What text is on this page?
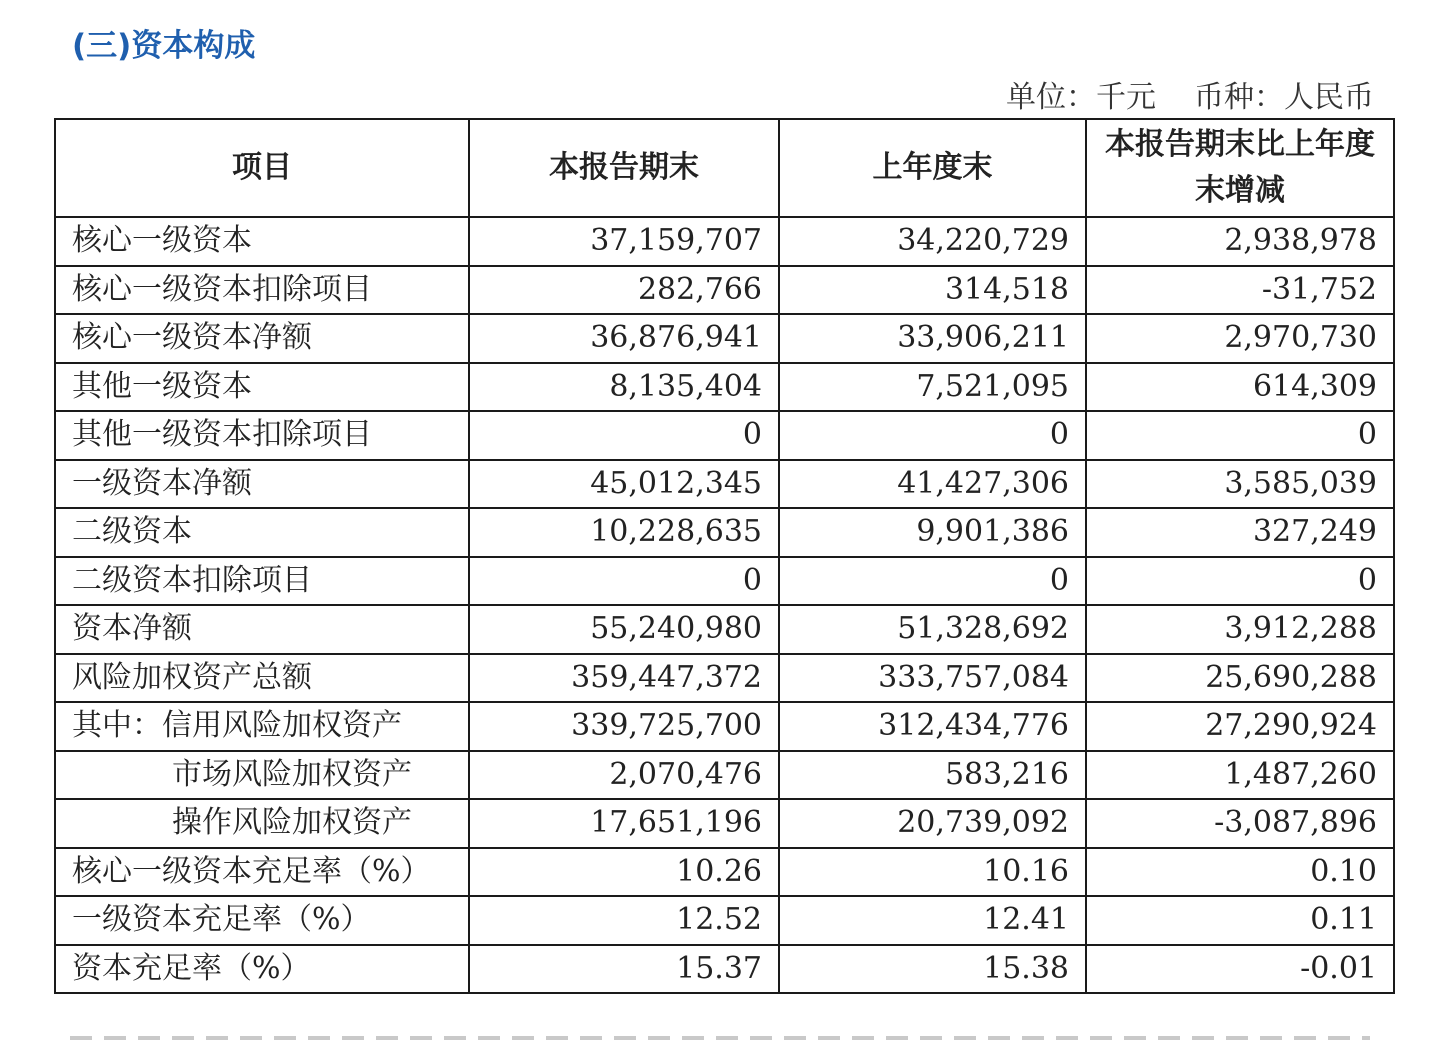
(三)资本构成
单位：千元 币种：人民币
项目	本报告期末	上年度末	本报告期末比上年度末增减
核心一级资本	37,159,707	34,220,729	2,938,978
核心一级资本扣除项目	282,766	314,518	-31,752
核心一级资本净额	36,876,941	33,906,211	2,970,730
其他一级资本	8,135,404	7,521,095	614,309
其他一级资本扣除项目	0	0	0
一级资本净额	45,012,345	41,427,306	3,585,039
二级资本	10,228,635	9,901,386	327,249
二级资本扣除项目	0	0	0
资本净额	55,240,980	51,328,692	3,912,288
风险加权资产总额	359,447,372	333,757,084	25,690,288
其中：信用风险加权资产	339,725,700	312,434,776	27,290,924
市场风险加权资产	2,070,476	583,216	1,487,260
操作风险加权资产	17,651,196	20,739,092	-3,087,896
核心一级资本充足率（%）	10.26	10.16	0.10
一级资本充足率（%）	12.52	12.41	0.11
资本充足率（%）	15.37	15.38	-0.01
